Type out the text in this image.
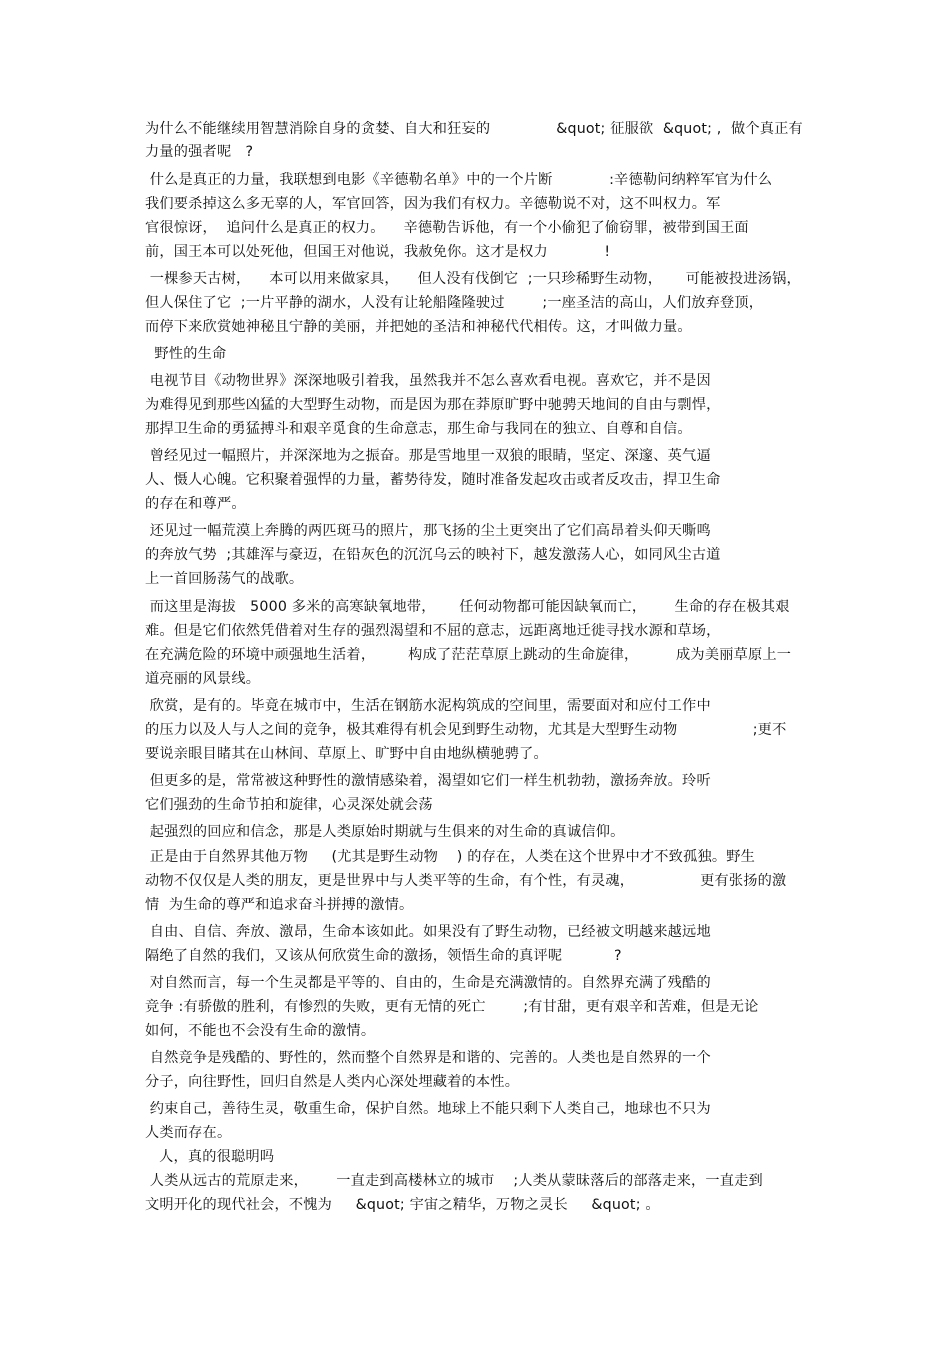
为什么不能继续用智慧消除自身的贪婪、自大和狂妄的              &quot; 征服欲  &quot; ,  做个真正有
力量的强者呢   ?
什么是真正的力量，我联想到电影《辛德勒名单》中的一个片断            :辛德勒问纳粹军官为什么
我们要杀掉这么多无辜的人，军官回答，因为我们有权力。辛德勒说不对，这不叫权力。军
官很惊讶，  追问什么是真正的权力。    辛德勒告诉他，有一个小偷犯了偷窃罪，被带到国王面
前，国王本可以处死他，但国王对他说，我赦免你。这才是权力            !
一棵参天古树，    本可以用来做家具，    但人没有伐倒它  ;一只珍稀野生动物，     可能被投进汤锅，
但人保住了它  ;一片平静的湖水，人没有让轮船隆隆驶过        ;一座圣洁的高山，人们放弃登顶，
而停下来欣赏她神秘且宁静的美丽，并把她的圣洁和神秘代代相传。这，才叫做力量。
野性的生命
电视节目《动物世界》深深地吸引着我，虽然我并不怎么喜欢看电视。喜欢它，并不是因
为难得见到那些凶猛的大型野生动物，而是因为那在莽原旷野中驰骋天地间的自由与剽悍，
那捍卫生命的勇猛搏斗和艰辛觅食的生命意志，那生命与我同在的独立、自尊和自信。
曾经见过一幅照片，并深深地为之振奋。那是雪地里一双狼的眼睛，坚定、深邃、英气逼
人、慑人心魄。它积聚着强悍的力量，蓄势待发，随时准备发起攻击或者反攻击，捍卫生命
的存在和尊严。
还见过一幅荒漠上奔腾的两匹斑马的照片，那飞扬的尘土更突出了它们高昂着头仰天嘶鸣
的奔放气势  ;其雄浑与豪迈，在铅灰色的沉沉乌云的映衬下，越发激荡人心，如同风尘古道
上一首回肠荡气的战歌。
而这里是海拔   5000 多米的高寒缺氧地带，     任何动物都可能因缺氧而亡，      生命的存在极其艰
难。但是它们依然凭借着对生存的强烈渴望和不屈的意志，远距离地迁徙寻找水源和草场，
在充满危险的环境中顽强地生活着，       构成了茫茫草原上跳动的生命旋律，        成为美丽草原上一
道亮丽的风景线。
欣赏，是有的。毕竟在城市中，生活在钢筋水泥构筑成的空间里，需要面对和应付工作中
的压力以及人与人之间的竞争，极其难得有机会见到野生动物，尤其是大型野生动物                ;更不
要说亲眼目睹其在山林间、草原上、旷野中自由地纵横驰骋了。
但更多的是，常常被这种野性的激情感染着，渴望如它们一样生机勃勃，激扬奔放。玲听
它们强劲的生命节拍和旋律，心灵深处就会荡
起强烈的回应和信念，那是人类原始时期就与生俱来的对生命的真诚信仰。
正是由于自然界其他万物     (尤其是野生动物    ) 的存在，人类在这个世界中才不致孤独。野生
动物不仅仅是人类的朋友，更是世界中与人类平等的生命，有个性，有灵魂，              更有张扬的激
情  为生命的尊严和追求奋斗拼搏的激情。
自由、自信、奔放、激昂，生命本该如此。如果没有了野生动物，已经被文明越来越远地
隔绝了自然的我们，又该从何欣赏生命的激扬，领悟生命的真评呢           ?
对自然而言，每一个生灵都是平等的、自由的，生命是充满激情的。自然界充满了残酷的
竞争 :有骄傲的胜利，有惨烈的失败，更有无情的死亡        ;有甘甜，更有艰辛和苦难，但是无论
如何，不能也不会没有生命的激情。
自然竞争是残酷的、野性的，然而整个自然界是和谐的、完善的。人类也是自然界的一个
分子，向往野性，回归自然是人类内心深处埋藏着的本性。
约束自己，善待生灵，敬重生命，保护自然。地球上不能只剩下人类自己，地球也不只为
人类而存在。
人，真的很聪明吗
人类从远古的荒原走来，      一直走到高楼林立的城市    ;人类从蒙昧落后的部落走来，一直走到
文明开化的现代社会，不愧为     &quot; 宇宙之精华，万物之灵长     &quot; 。
